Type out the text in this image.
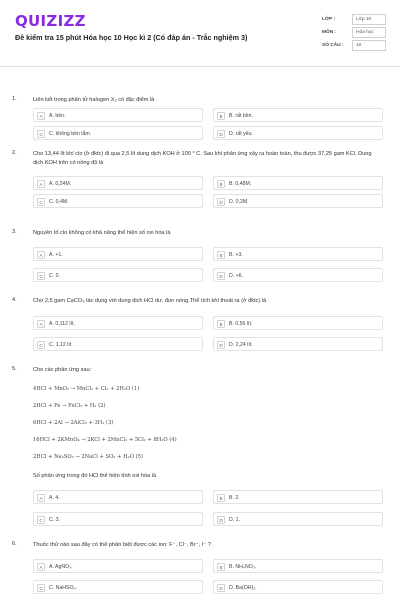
QUIZIZZ
Đề kiểm tra 15 phút Hóa học 10 Học kì 2 (Có đáp án - Trắc nghiệm 3)
LỚP :	Lớp 10
MÔN :	Hóa học
SỐ CÂU :	10
1.	Liên kết trong phân tử halogen X₂ có đặc điểm là
A	A. bền.	B	B. rất bền.
C	C. không bền lắm.	D	D. rất yếu.
2.	Cho 13,44 lít khí clo (ở đktc) đi qua 2,5 lít dung dịch KOH ở 100 ° C. Sau khi phản ứng xảy ra hoàn toàn, thu được 37,25 gam KCl. Dung dịch KOH trên có nồng độ là
A	A. 0,24M.	B	B. 0,48M.
C	C. 0,4M.	D	D. 0,2M.
3.	Nguyên tố clo không có khả năng thể hiện số oxi hóa là
A	A. +1.	B	B. +3.
C	C. 0.	D	D. +6.
4.	Cho 2,5 gam CaCO₃ tác dụng với dung dịch HCl dư, đun nóng.Thể tích khí thoát ra (ở đktc) là
A	A. 0,112 lít.	B	B. 0,56 lít.
C	C. 1,12 lít.	D	D. 2,24 lít.
5.	Cho các phản ứng sau:
4HCl + MnO₂ → MnCl₂ + Cl₂ + 2H₂O (1)
2HCl + Fe → FeCl₂ + H₂ (2)
6HCl + 2Al → 2AlCl₃ + 3H₂ (3)
16HCl + 2KMnO₄ → 2KCl + 2MnCl₂ + 5Cl₂ + 8H₂O (4)
2HCl + Na₂SO₃ → 2NaCl + SO₂ + H₂O (5)
Số phản ứng trong đó HCl thể hiện tính oxi hóa là
A	A. 4.	B	B. 2.
C	C. 3.	D	D. 1.
6.	Thuốc thử nào sau đây có thể phân biệt được các ion: F⁻, Cl⁻, Br⁻, I⁻ ?
A	A. AgNO₃.	B	B. NH₄NO₃.
C	C. NaHSO₄.	D	D. Ba(OH)₂.
